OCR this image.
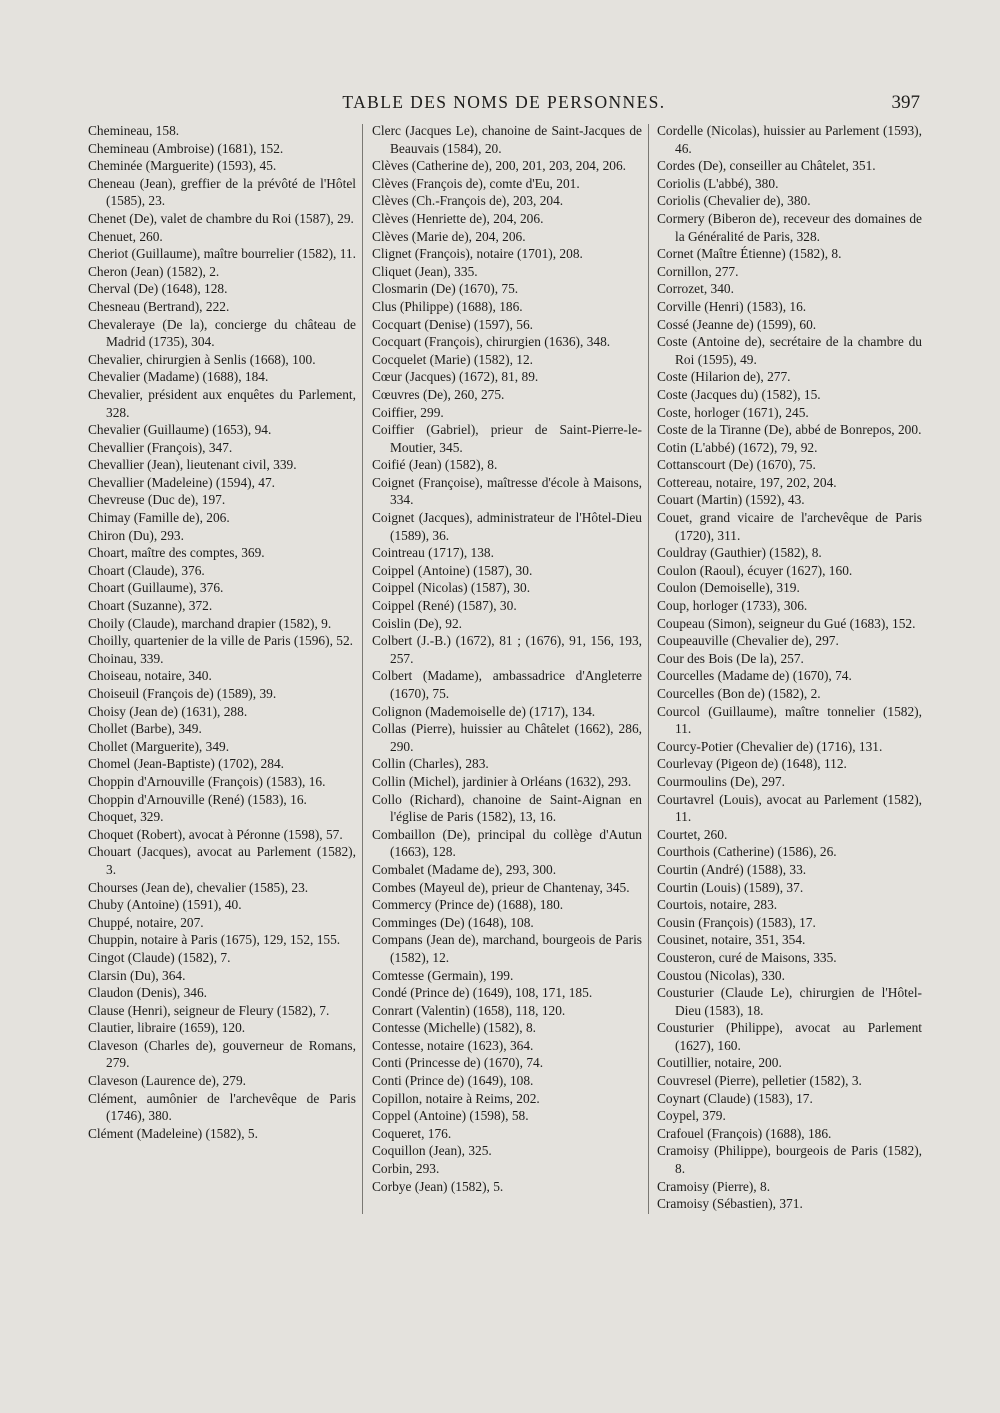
TABLE DES NOMS DE PERSONNES.	397

Chemineau, 158.

Chemineau (Ambroise) (1681), 152.

Cheminée (Marguerite) (1593), 45.

Cheneau (Jean), greffier de la prévôté de l'Hôtel (1585), 23.

Chenet (De), valet de chambre du Roi (1587), 29.

Chenuet, 260.

Cheriot (Guillaume), maître bourrelier (1582), 11.

Cheron (Jean) (1582), 2.

Cherval (De) (1648), 128.

Chesneau (Bertrand), 222.

Chevaleraye (De la), concierge du château de Madrid (1735), 304.

Chevalier, chirurgien à Senlis (1668), 100.

Chevalier (Madame) (1688), 184.

Chevalier, président aux enquêtes du Parlement, 328.

Chevalier (Guillaume) (1653), 94.

Chevallier (François), 347.

Chevallier (Jean), lieutenant civil, 339.

Chevallier (Madeleine) (1594), 47.

Chevreuse (Duc de), 197.

Chimay (Famille de), 206.

Chiron (Du), 293.

Choart, maître des comptes, 369.

Choart (Claude), 376.

Choart (Guillaume), 376.

Choart (Suzanne), 372.

Choily (Claude), marchand drapier (1582), 9.

Choilly, quartenier de la ville de Paris (1596), 52.

Choinau, 339.

Choiseau, notaire, 340.

Choiseuil (François de) (1589), 39.

Choisy (Jean de) (1631), 288.

Chollet (Barbe), 349.

Chollet (Marguerite), 349.

Chomel (Jean-Baptiste) (1702), 284.

Choppin d'Arnouville (François) (1583), 16.

Choppin d'Arnouville (René) (1583), 16.

Choquet, 329.

Choquet (Robert), avocat à Péronne (1598), 57.

Chouart (Jacques), avocat au Parlement (1582), 3.

Chourses (Jean de), chevalier (1585), 23.

Chuby (Antoine) (1591), 40.

Chuppé, notaire, 207.

Chuppin, notaire à Paris (1675), 129, 152, 155.

Cingot (Claude) (1582), 7.

Clarsin (Du), 364.

Claudon (Denis), 346.

Clause (Henri), seigneur de Fleury (1582), 7.

Clautier, libraire (1659), 120.

Claveson (Charles de), gouverneur de Romans, 279.

Claveson (Laurence de), 279.

Clément, aumônier de l'archevêque de Paris (1746), 380.

Clément (Madeleine) (1582), 5.

Clerc (Jacques Le), chanoine de Saint-Jacques de Beauvais (1584), 20.

Clèves (Catherine de), 200, 201, 203, 204, 206.

Clèves (François de), comte d'Eu, 201.

Clèves (Ch.-François de), 203, 204.

Clèves (Henriette de), 204, 206.

Clèves (Marie de), 204, 206.

Clignet (François), notaire (1701), 208.

Cliquet (Jean), 335.

Closmarin (De) (1670), 75.

Clus (Philippe) (1688), 186.

Cocquart (Denise) (1597), 56.

Cocquart (François), chirurgien (1636), 348.

Cocquelet (Marie) (1582), 12.

Cœur (Jacques) (1672), 81, 89.

Cœuvres (De), 260, 275.

Coiffier, 299.

Coiffier (Gabriel), prieur de Saint-Pierre-le-Moutier, 345.

Coifié (Jean) (1582), 8.

Coignet (Françoise), maîtresse d'école à Maisons, 334.

Coignet (Jacques), administrateur de l'Hôtel-Dieu (1589), 36.

Cointreau (1717), 138.

Coippel (Antoine) (1587), 30.

Coippel (Nicolas) (1587), 30.

Coippel (René) (1587), 30.

Coislin (De), 92.

Colbert (J.-B.) (1672), 81 ; (1676), 91, 156, 193, 257.

Colbert (Madame), ambassadrice d'Angleterre (1670), 75.

Colignon (Mademoiselle de) (1717), 134.

Collas (Pierre), huissier au Châtelet (1662), 286, 290.

Collin (Charles), 283.

Collin (Michel), jardinier à Orléans (1632), 293.

Collo (Richard), chanoine de Saint-Aignan en l'église de Paris (1582), 13, 16.

Combaillon (De), principal du collège d'Autun (1663), 128.

Combalet (Madame de), 293, 300.

Combes (Mayeul de), prieur de Chantenay, 345.

Commercy (Prince de) (1688), 180.

Comminges (De) (1648), 108.

Compans (Jean de), marchand, bourgeois de Paris (1582), 12.

Comtesse (Germain), 199.

Condé (Prince de) (1649), 108, 171, 185.

Conrart (Valentin) (1658), 118, 120.

Contesse (Michelle) (1582), 8.

Contesse, notaire (1623), 364.

Conti (Princesse de) (1670), 74.

Conti (Prince de) (1649), 108.

Copillon, notaire à Reims, 202.

Coppel (Antoine) (1598), 58.

Coqueret, 176.

Coquillon (Jean), 325.

Corbin, 293.

Corbye (Jean) (1582), 5.

Cordelle (Nicolas), huissier au Parlement (1593), 46.

Cordes (De), conseiller au Châtelet, 351.

Coriolis (L'abbé), 380.

Coriolis (Chevalier de), 380.

Cormery (Biberon de), receveur des domaines de la Généralité de Paris, 328.

Cornet (Maître Étienne) (1582), 8.

Cornillon, 277.

Corrozet, 340.

Corville (Henri) (1583), 16.

Cossé (Jeanne de) (1599), 60.

Coste (Antoine de), secrétaire de la chambre du Roi (1595), 49.

Coste (Hilarion de), 277.

Coste (Jacques du) (1582), 15.

Coste, horloger (1671), 245.

Coste de la Tiranne (De), abbé de Bonrepos, 200.

Cotin (L'abbé) (1672), 79, 92.

Cottanscourt (De) (1670), 75.

Cottereau, notaire, 197, 202, 204.

Couart (Martin) (1592), 43.

Couet, grand vicaire de l'archevêque de Paris (1720), 311.

Couldray (Gauthier) (1582), 8.

Coulon (Raoul), écuyer (1627), 160.

Coulon (Demoiselle), 319.

Coup, horloger (1733), 306.

Coupeau (Simon), seigneur du Gué (1683), 152.

Coupeauville (Chevalier de), 297.

Cour des Bois (De la), 257.

Courcelles (Madame de) (1670), 74.

Courcelles (Bon de) (1582), 2.

Courcol (Guillaume), maître tonnelier (1582), 11.

Courcy-Potier (Chevalier de) (1716), 131.

Courlevay (Pigeon de) (1648), 112.

Courmoulins (De), 297.

Courtavrel (Louis), avocat au Parlement (1582), 11.

Courtet, 260.

Courthois (Catherine) (1586), 26.

Courtin (André) (1588), 33.

Courtin (Louis) (1589), 37.

Courtois, notaire, 283.

Cousin (François) (1583), 17.

Cousinet, notaire, 351, 354.

Cousteron, curé de Maisons, 335.

Coustou (Nicolas), 330.

Cousturier (Claude Le), chirurgien de l'Hôtel-Dieu (1583), 18.

Cousturier (Philippe), avocat au Parlement (1627), 160.

Coutillier, notaire, 200.

Couvresel (Pierre), pelletier (1582), 3.

Coynart (Claude) (1583), 17.

Coypel, 379.

Crafouel (François) (1688), 186.

Cramoisy (Philippe), bourgeois de Paris (1582), 8.

Cramoisy (Pierre), 8.

Cramoisy (Sébastien), 371.
